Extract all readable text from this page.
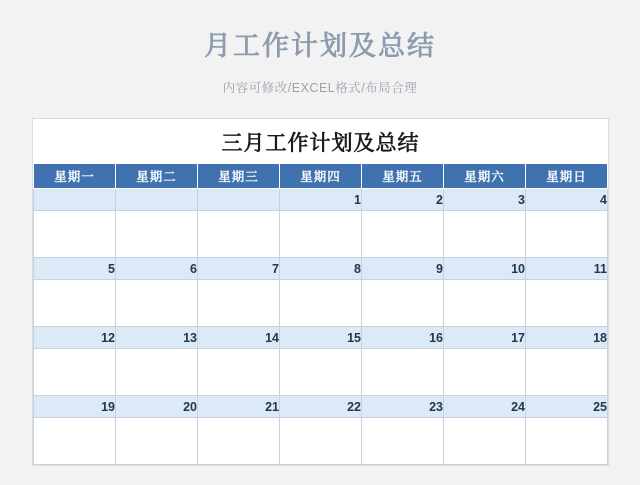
月工作计划及总结
内容可修改/EXCEL格式/布局合理
三月工作计划及总结						
星期一	星期二	星期三	星期四	星期五	星期六	星期日
			1	2	3	4

5	6	7	8	9	10	11

12	13	14	15	16	17	18

19	20	21	22	23	24	25
